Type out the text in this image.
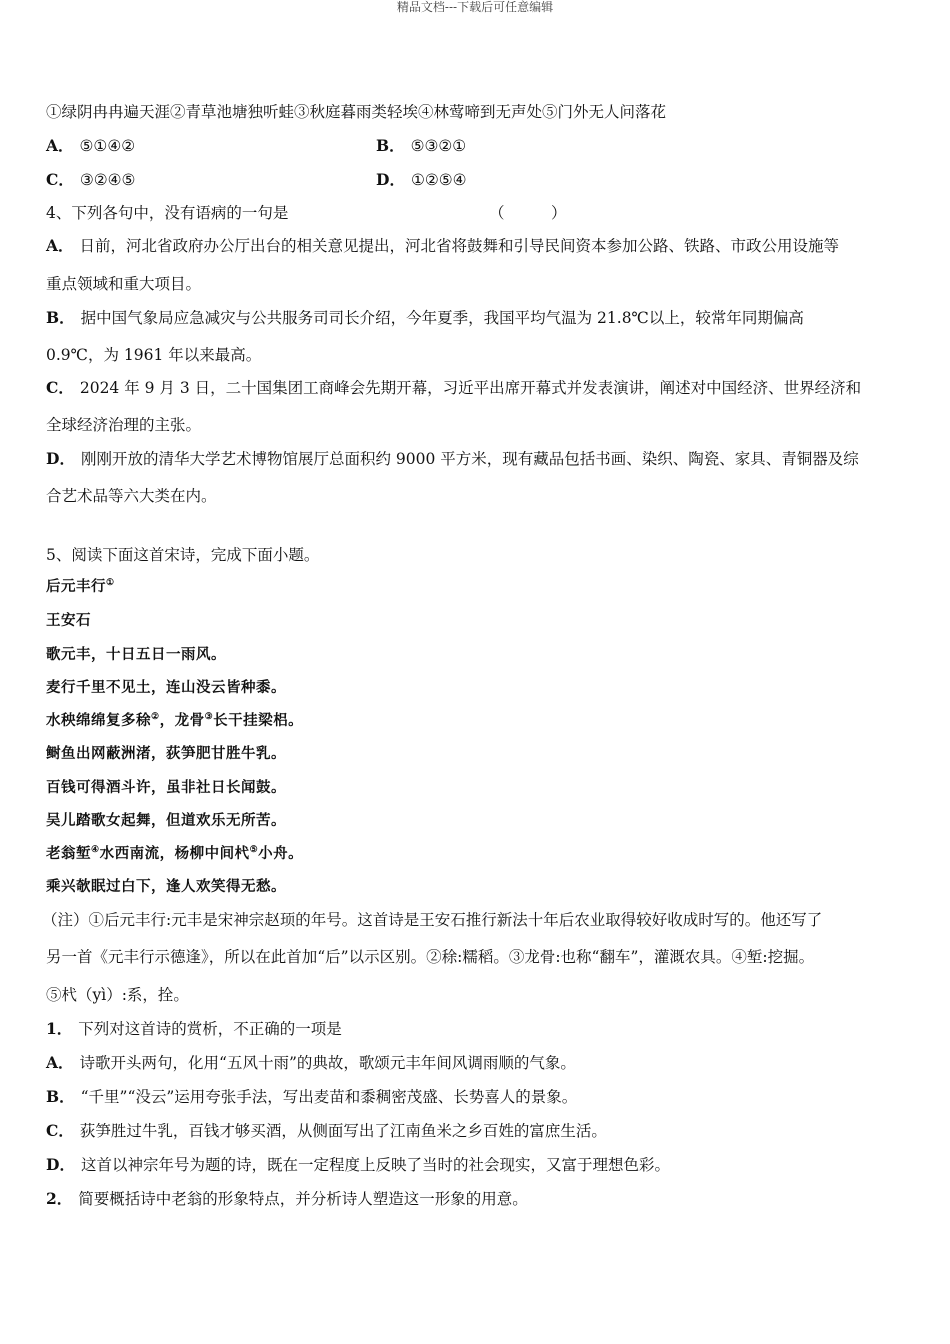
精品文档---下载后可任意编辑
①绿阴冉冉遍天涯②青草池塘独听蛙③秋庭暮雨类轻埃④林莺啼到无声处⑤门外无人问落花
A． ⑤①④②	B． ⑤③②①
C． ③②④⑤	D． ①②⑤④
4、下列各句中，没有语病的一句是	（　　　）
A． 日前，河北省政府办公厅出台的相关意见提出，河北省将鼓舞和引导民间资本参加公路、铁路、市政公用设施等
重点领域和重大项目。
B． 据中国气象局应急减灾与公共服务司司长介绍，今年夏季，我国平均气温为 21.8℃以上，较常年同期偏高
0.9℃，为 1961 年以来最高。
C． 2024 年 9 月 3 日，二十国集团工商峰会先期开幕，习近平出席开幕式并发表演讲，阐述对中国经济、世界经济和
全球经济治理的主张。
D． 刚刚开放的清华大学艺术博物馆展厅总面积约 9000 平方米，现有藏品包括书画、染织、陶瓷、家具、青铜器及综
合艺术品等六大类在内。
5、阅读下面这首宋诗，完成下面小题。
后元丰行①
王安石
歌元丰，十日五日一雨风。
麦行千里不见土，连山没云皆种黍。
水秧绵绵复多稌②，龙骨③长干挂梁梠。
鲥鱼出网蔽洲渚，荻笋肥甘胜牛乳。
百钱可得酒斗许，虽非社日长闻鼓。
吴儿踏歌女起舞，但道欢乐无所苦。
老翁堑④水西南流，杨柳中间杙⑤小舟。
乘兴欹眠过白下，逢人欢笑得无愁。
（注）①后元丰行:元丰是宋神宗赵顼的年号。这首诗是王安石推行新法十年后农业取得较好收成时写的。他还写了
另一首《元丰行示德逢》，所以在此首加“后”以示区别。②稌:糯稻。③龙骨:也称“翻车”，灌溉农具。④堑:挖掘。
⑤杙（yì）:系，拴。
1． 下列对这首诗的赏析，不正确的一项是
A． 诗歌开头两句，化用“五风十雨”的典故，歌颂元丰年间风调雨顺的气象。
B． “千里”“没云”运用夸张手法，写出麦苗和黍稠密茂盛、长势喜人的景象。
C． 荻笋胜过牛乳，百钱才够买酒，从侧面写出了江南鱼米之乡百姓的富庶生活。
D． 这首以神宗年号为题的诗，既在一定程度上反映了当时的社会现实，又富于理想色彩。
2． 简要概括诗中老翁的形象特点，并分析诗人塑造这一形象的用意。
